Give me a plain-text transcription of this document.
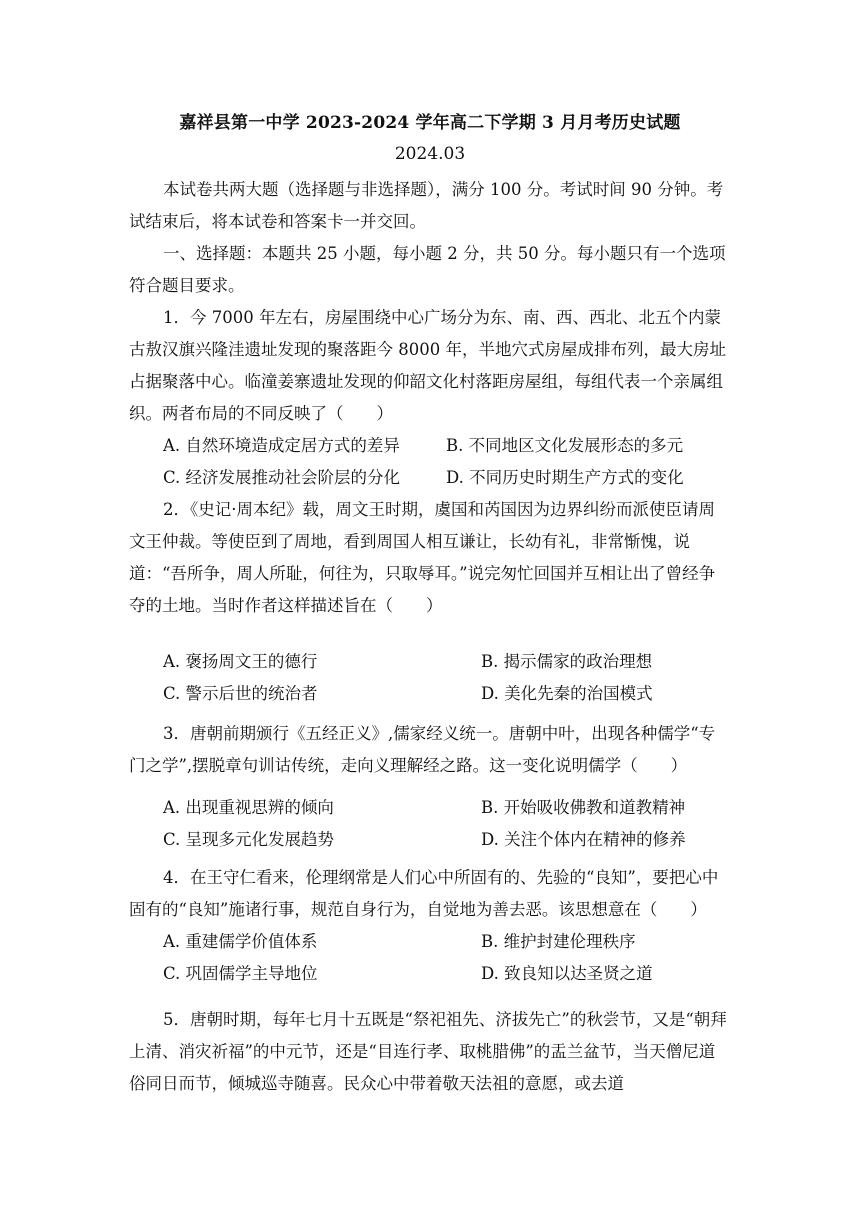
嘉祥县第一中学 2023-2024 学年高二下学期 3 月月考历史试题
2024.03
本试卷共两大题（选择题与非选择题），满分 100 分。考试时间 90 分钟。考试结束后，将本试卷和答案卡一并交回。
一、选择题：本题共 25 小题，每小题 2 分，共 50 分。每小题只有一个选项符合题目要求。
1．今 7000 年左右，房屋围绕中心广场分为东、南、西、西北、北五个内蒙古敖汉旗兴隆洼遗址发现的聚落距今 8000 年，半地穴式房屋成排布列，最大房址占据聚落中心。临潼姜寨遗址发现的仰韶文化村落距房屋组，每组代表一个亲属组织。两者布局的不同反映了（　　）
A. 自然环境造成定居方式的差异	B. 不同地区文化发展形态的多元
C. 经济发展推动社会阶层的分化	D. 不同历史时期生产方式的变化
2．《史记·周本纪》载，周文王时期，虞国和芮国因为边界纠纷而派使臣请周文王仲裁。等使臣到了周地，看到周国人相互谦让，长幼有礼，非常惭愧，说道：“吾所争，周人所耻，何往为，只取辱耳。”说完匆忙回国并互相让出了曾经争夺的土地。当时作者这样描述旨在（　　）
A. 褒扬周文王的德行	B. 揭示儒家的政治理想
C. 警示后世的统治者	D. 美化先秦的治国模式
3．唐朝前期颁行《五经正义》,儒家经义统一。唐朝中叶，出现各种儒学“专门之学”,摆脱章句训诂传统，走向义理解经之路。这一变化说明儒学（　　）
A. 出现重视思辨的倾向	B. 开始吸收佛教和道教精神
C. 呈现多元化发展趋势	D. 关注个体内在精神的修养
4．在王守仁看来，伦理纲常是人们心中所固有的、先验的“良知”，要把心中固有的“良知”施诸行事，规范自身行为，自觉地为善去恶。该思想意在（　　）
A. 重建儒学价值体系	B. 维护封建伦理秩序
C. 巩固儒学主导地位	D. 致良知以达圣贤之道
5．唐朝时期，每年七月十五既是“祭祀祖先、济拔先亡”的秋尝节，又是“朝拜上清、消灾祈福”的中元节，还是“目连行孝、取桃腊佛”的盂兰盆节，当天僧尼道俗同日而节，倾城巡寺随喜。民众心中带着敬天法祖的意愿，或去道
